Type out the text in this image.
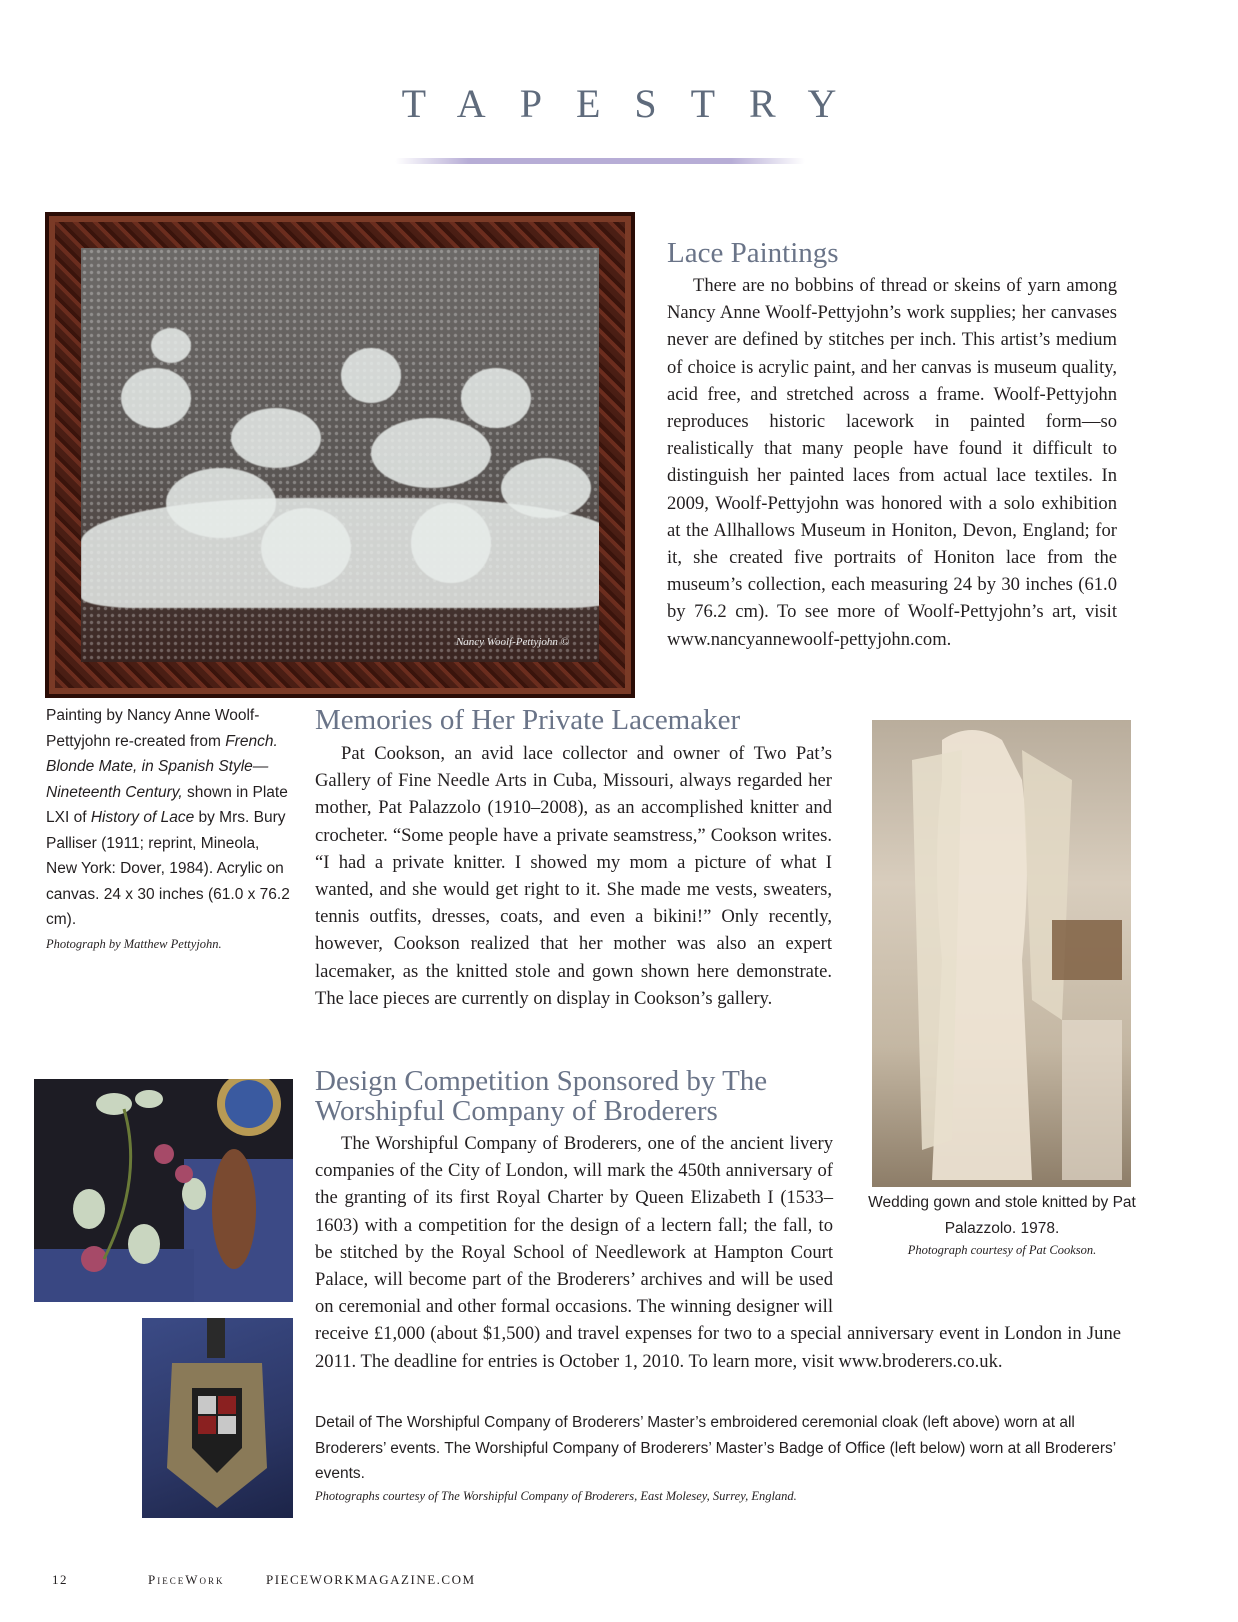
TAPESTRY
Nancy Woolf-Pettyjohn ©
Lace Paintings

There are no bobbins of thread or skeins of yarn among Nancy Anne Woolf-Pettyjohn’s work supplies; her canvases never are defined by stitches per inch. This artist’s medium of choice is acrylic paint, and her canvas is museum quality, acid free, and stretched across a frame. Woolf-Pettyjohn reproduces historic lacework in painted form—so realistically that many people have found it difficult to distinguish her painted laces from actual lace textiles. In 2009, Woolf-Pettyjohn was honored with a solo exhibition at the Allhallows Museum in Honiton, Devon, England; for it, she created five portraits of Honiton lace from the museum’s collection, each measuring 24 by 30 inches (61.0 by 76.2 cm). To see more of Woolf-Pettyjohn’s art, visit www.nancyannewoolf-pettyjohn.com.

Painting by Nancy Anne Woolf-Pettyjohn re-created from French. Blonde Mate, in Spanish Style—Nineteenth Century, shown in Plate LXI of History of Lace by Mrs. Bury Palliser (1911; reprint, Mineola, New York: Dover, 1984). Acrylic on canvas. 24 x 30 inches (61.0 x 76.2 cm).
Photograph by Matthew Pettyjohn.
Memories of Her Private Lacemaker

Pat Cookson, an avid lace collector and owner of Two Pat’s Gallery of Fine Needle Arts in Cuba, Missouri, always regarded her mother, Pat Palazzolo (1910–2008), as an accomplished knitter and crocheter. “Some people have a private seamstress,” Cookson writes. “I had a private knitter. I showed my mom a picture of what I wanted, and she would get right to it. She made me vests, sweaters, tennis outfits, dresses, coats, and even a bikini!” Only recently, however, Cookson realized that her mother was also an expert lacemaker, as the knitted stole and gown shown here demonstrate. The lace pieces are currently on display in Cookson’s gallery.

Wedding gown and stole knitted by Pat Palazzolo. 1978.
Photograph courtesy of Pat Cookson.
Design Competition Sponsored by The Worshipful Company of Broderers

The Worshipful Company of Broderers, one of the ancient livery companies of the City of London, will mark the 450th anniversary of the granting of its first Royal Charter by Queen Elizabeth I (1533–1603) with a competition for the design of a lectern fall; the fall, to be stitched by the Royal School of Needlework at Hampton Court Palace, will become part of the Broderers’ archives and will be used on ceremonial and other formal occasions. The winning designer will receive £1,000 (about $1,500) and travel expenses for two to a special anniversary event in London in June 2011. The deadline for entries is October 1, 2010. To learn more, visit www.broderers.co.uk.

Detail of The Worshipful Company of Broderers’ Master’s embroidered ceremonial cloak (left above) worn at all Broderers’ events. The Worshipful Company of Broderers’ Master’s Badge of Office (left below) worn at all Broderers’ events.
Photographs courtesy of The Worshipful Company of Broderers, East Molesey, Surrey, England.
12	PieceWork	PIECEWORKMAGAZINE.COM
